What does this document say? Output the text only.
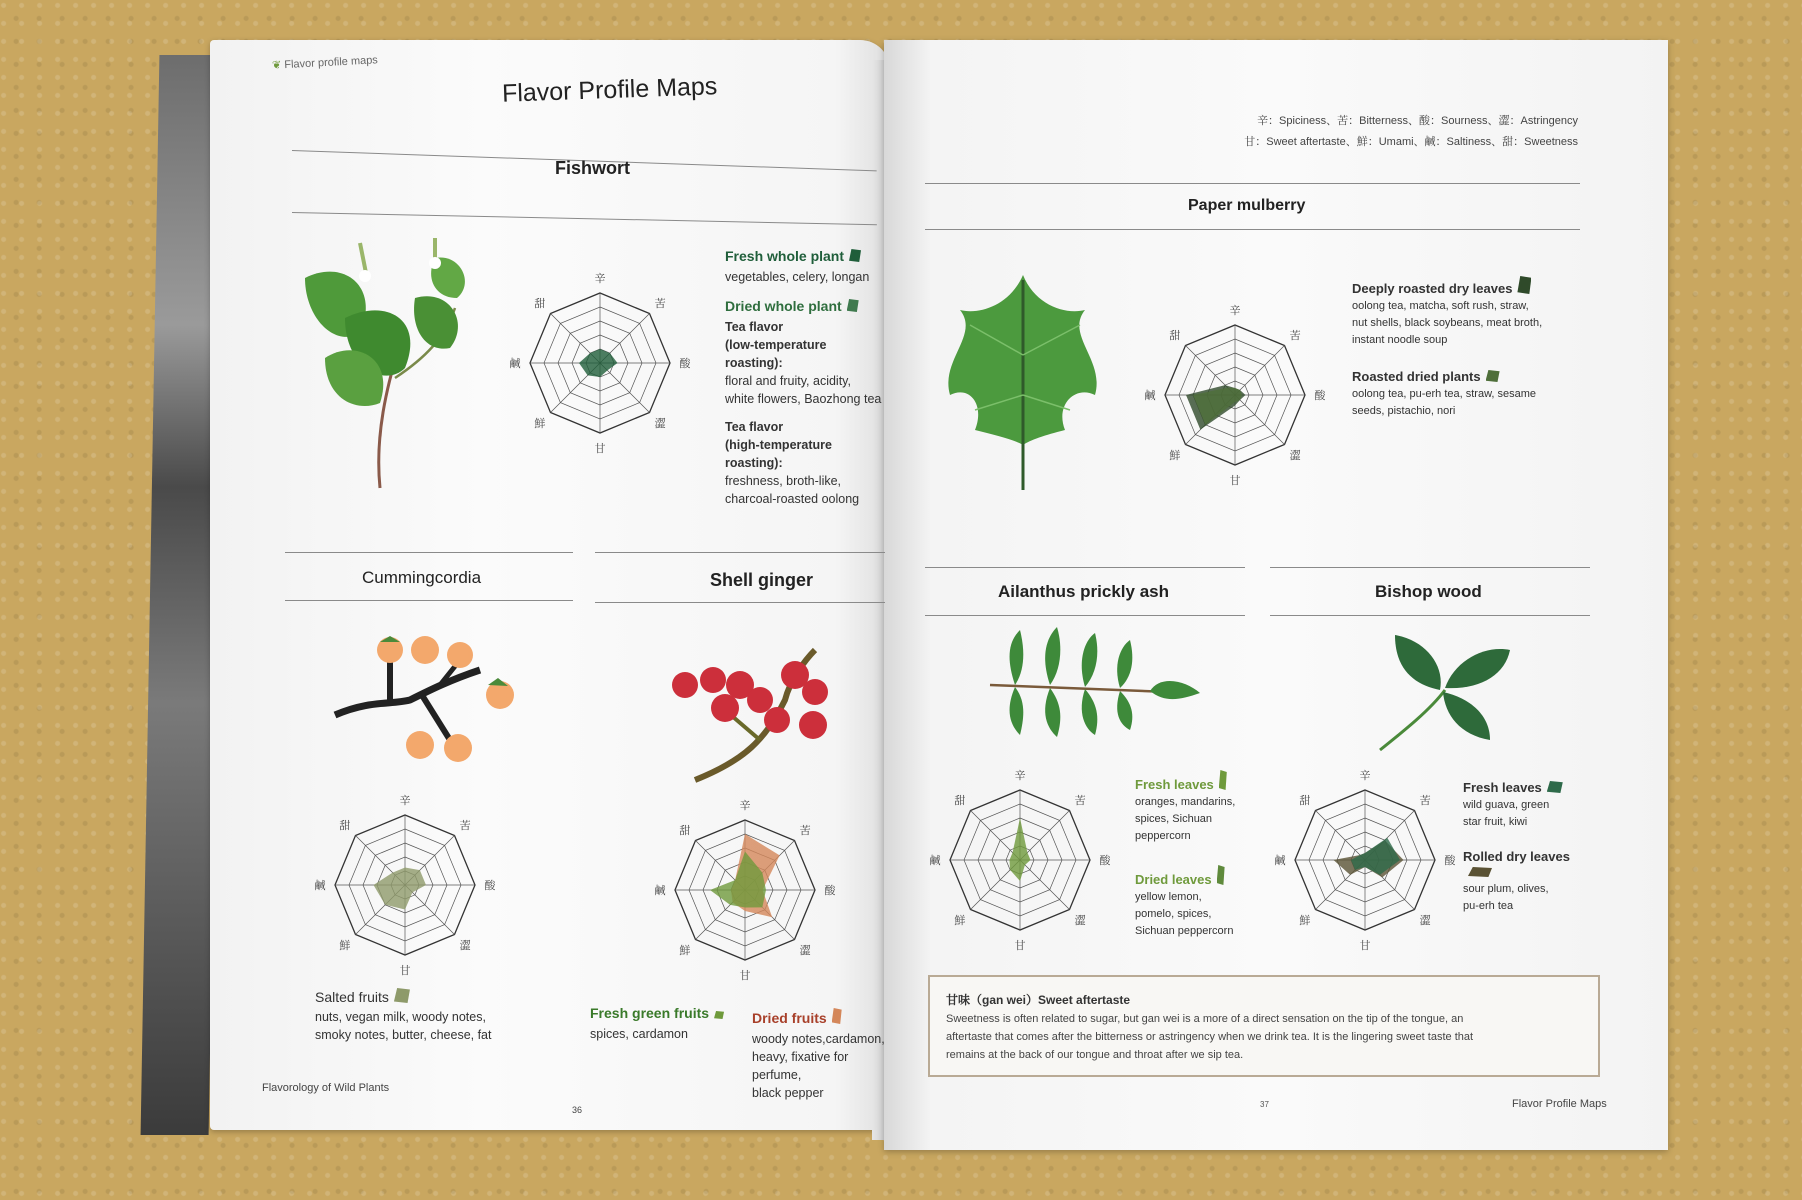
❦ Flavor profile maps
Flavor Profile Maps
Fishwort
辛
苦
酸
澀
甘
鮮
鹹
甜
Fresh whole plant
vegetables, celery, longan
Dried whole plant
Tea flavor
(low-temperature roasting):
floral and fruity, acidity,
white flowers, Baozhong tea
Tea flavor
(high-temperature roasting):
freshness, broth-like,
charcoal-roasted oolong
Cummingcordia
辛
苦
酸
澀
甘
鮮
鹹
甜
Salted fruits
nuts, vegan milk, woody notes,
smoky notes, butter, cheese, fat
Shell ginger
辛
苦
酸
澀
甘
鮮
鹹
甜
Fresh green fruits
spices, cardamon
Dried fruits
woody notes,cardamon,
heavy, fixative for perfume,
black pepper
Flavorology of Wild Plants
36
辛：Spiciness、苦：Bitterness、酸：Sourness、澀：Astringency
甘：Sweet aftertaste、鮮：Umami、鹹：Saltiness、甜：Sweetness
Paper mulberry
辛
苦
酸
澀
甘
鮮
鹹
甜
Deeply roasted dry leaves
oolong tea, matcha, soft rush, straw,
nut shells, black soybeans, meat broth,
instant noodle soup
Roasted dried plants
oolong tea, pu-erh tea, straw, sesame
seeds, pistachio, nori
Ailanthus prickly ash
辛
苦
酸
澀
甘
鮮
鹹
甜
Fresh leaves
oranges, mandarins,
spices, Sichuan
peppercorn
Dried leaves
yellow lemon,
pomelo, spices,
Sichuan peppercorn
Bishop wood
辛
苦
酸
澀
甘
鮮
鹹
甜
Fresh leaves
wild guava, green
star fruit, kiwi
Rolled dry leaves
sour plum, olives,
pu-erh tea
甘味（gan wei）Sweet aftertaste
Sweetness is often related to sugar, but gan wei is a more of a direct sensation on the tip of the tongue, an
aftertaste that comes after the bitterness or astringency when we drink tea. It is the lingering sweet taste that
remains at the back of our tongue and throat after we sip tea.
37	Flavor Profile Maps
